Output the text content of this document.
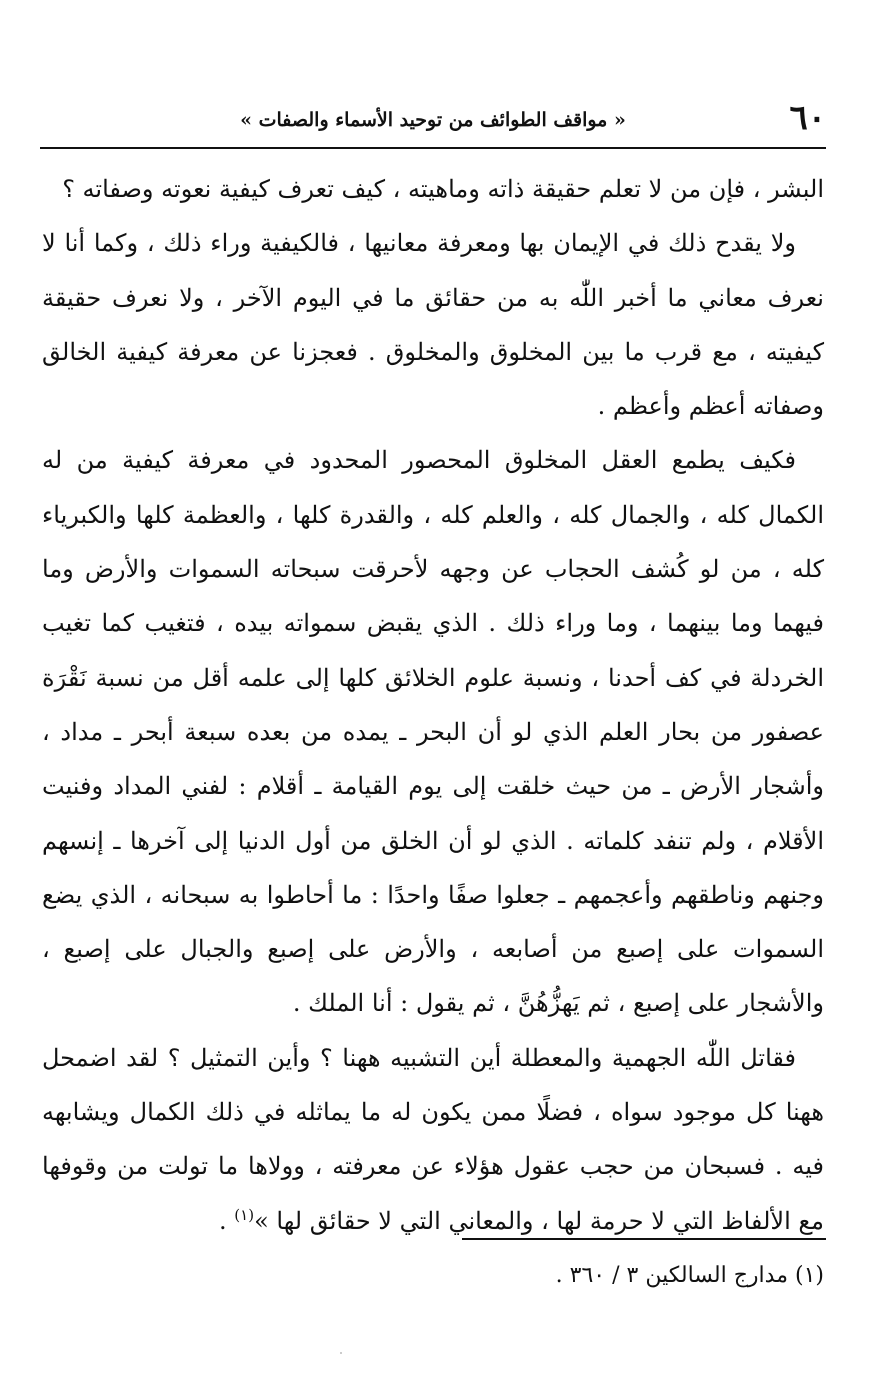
٦٠
« مواقف الطوائف من توحيد الأسماء والصفات »

البشر ، فإن من لا تعلم حقيقة ذاته وماهيته ، كيف تعرف كيفية نعوته وصفاته ؟

ولا يقدح ذلك في الإيمان بها ومعرفة معانيها ، فالكيفية وراء ذلك ، وكما أنا لا نعرف معاني ما أخبر اللّٰه به من حقائق ما في اليوم الآخر ، ولا نعرف حقيقة كيفيته ، مع قرب ما بين المخلوق والمخلوق . فعجزنا عن معرفة كيفية الخالق وصفاته أعظم وأعظم .

فكيف يطمع العقل المخلوق المحصور المحدود في معرفة كيفية من له الكمال كله ، والجمال كله ، والعلم كله ، والقدرة كلها ، والعظمة كلها والكبرياء كله ، من لو كُشف الحجاب عن وجهه لأحرقت سبحاته السموات والأرض وما فيهما وما بينهما ، وما وراء ذلك . الذي يقبض سمواته بيده ، فتغيب كما تغيب الخردلة في كف أحدنا ، ونسبة علوم الخلائق كلها إلى علمه أقل من نسبة نَقْرَة عصفور من بحار العلم الذي لو أن البحر ـ يمده من بعده سبعة أبحر ـ مداد ، وأشجار الأرض ـ من حيث خلقت إلى يوم القيامة ـ أقلام : لفني المداد وفنيت الأقلام ، ولم تنفد كلماته . الذي لو أن الخلق من أول الدنيا إلى آخرها ـ إنسهم وجنهم وناطقهم وأعجمهم ـ جعلوا صفًا واحدًا : ما أحاطوا به سبحانه ، الذي يضع السموات على إصبع من أصابعه ، والأرض على إصبع والجبال على إصبع ، والأشجار على إصبع ، ثم يَهزُّهُنَّ ، ثم يقول : أنا الملك .

فقاتل اللّٰه الجهمية والمعطلة أين التشبيه ههنا ؟ وأين التمثيل ؟ لقد اضمحل ههنا كل موجود سواه ، فضلًا ممن يكون له ما يماثله في ذلك الكمال ويشابهه فيه . فسبحان من حجب عقول هؤلاء عن معرفته ، وولاها ما تولت من وقوفها مع الألفاظ التي لا حرمة لها ، والمعاني التي لا حقائق لها »$^{(١)}$ .

(١) مدارج السالكين ٣ / ٣٦٠ .
